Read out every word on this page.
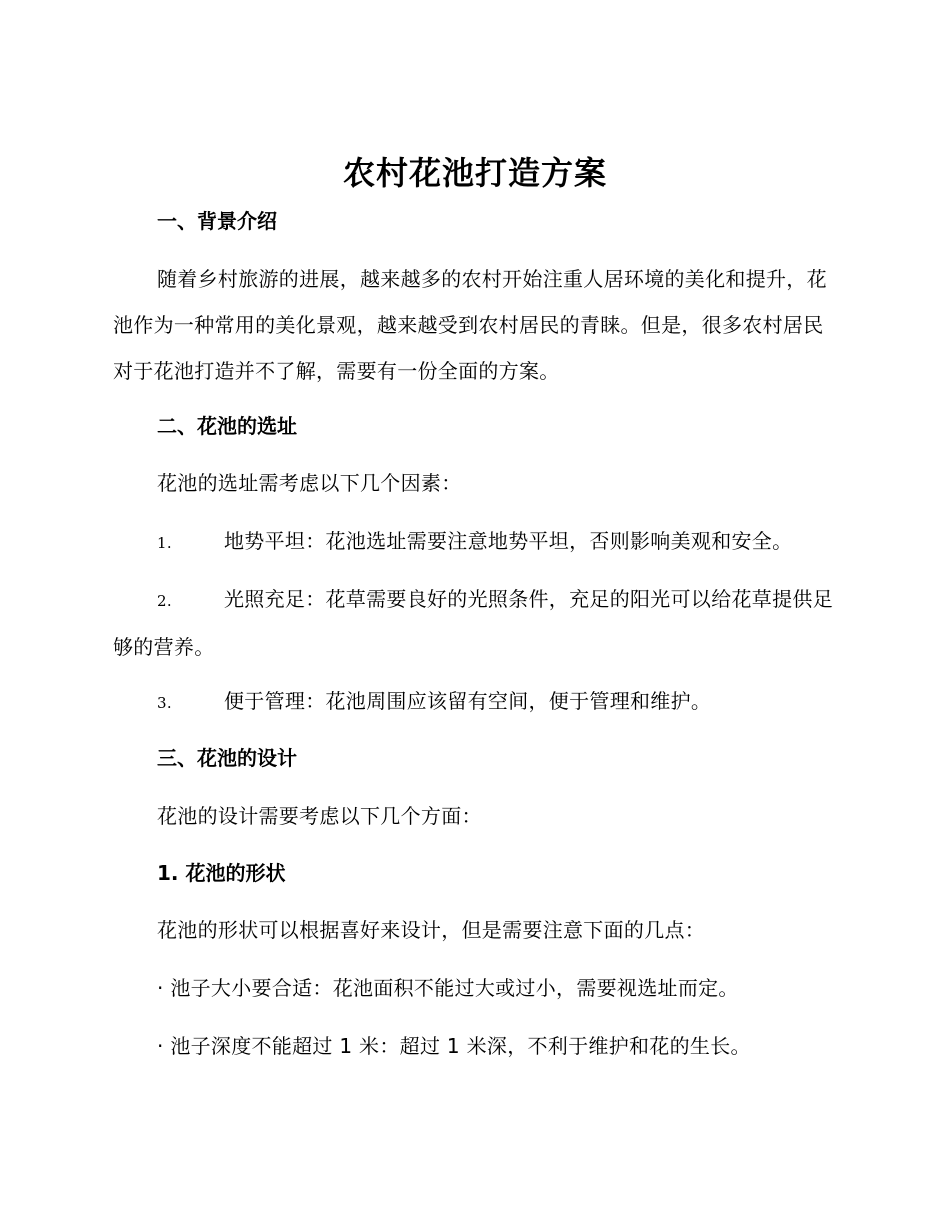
农村花池打造方案
一、背景介绍
随着乡村旅游的进展，越来越多的农村开始注重人居环境的美化和提升，花池作为一种常用的美化景观，越来越受到农村居民的青睐。但是，很多农村居民对于花池打造并不了解，需要有一份全面的方案。
二、花池的选址
花池的选址需考虑以下几个因素：
1.	地势平坦：花池选址需要注意地势平坦，否则影响美观和安全。
2.	光照充足：花草需要良好的光照条件，充足的阳光可以给花草提供足够的营养。
3.	便于管理：花池周围应该留有空间，便于管理和维护。
三、花池的设计
花池的设计需要考虑以下几个方面：
1. 花池的形状
花池的形状可以根据喜好来设计，但是需要注意下面的几点：
· 池子大小要合适：花池面积不能过大或过小，需要视选址而定。
· 池子深度不能超过 1 米：超过 1 米深，不利于维护和花的生长。
